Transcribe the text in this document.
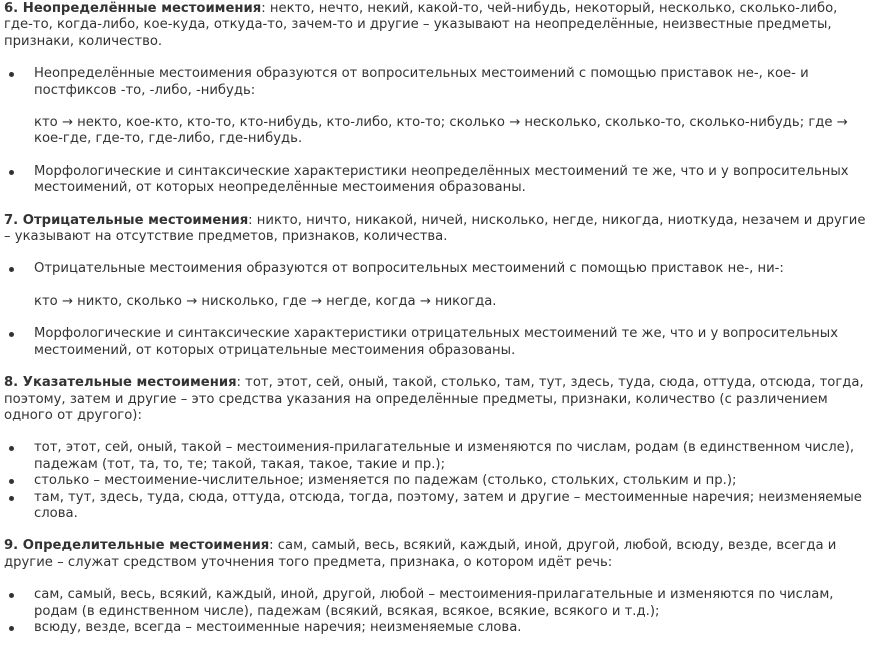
6. Неопределённые местоимения: некто, нечто, некий, какой-то, чей-нибудь, некоторый, несколько, сколько-либо, где-то, когда-либо, кое-куда, откуда-то, зачем-то и другие – указывают на неопределённые, неизвестные предметы, признаки, количество.

Неопределённые местоимения образуются от вопросительных местоимений с помощью приставок не-, кое- и постфиксов -то, -либо, -нибудь:

кто → некто, кое-кто, кто-то, кто-нибудь, кто-либо, кто-то; сколько → несколько, сколько-то, сколько-нибудь; где → кое-где, где-то, где-либо, где-нибудь.

Морфологические и синтаксические характеристики неопределённых местоимений те же, что и у вопросительных местоимений, от которых неопределённые местоимения образованы.

7. Отрицательные местоимения: никто, ничто, никакой, ничей, нисколько, негде, никогда, ниоткуда, незачем и другие – указывают на отсутствие предметов, признаков, количества.

Отрицательные местоимения образуются от вопросительных местоимений с помощью приставок не-, ни-:

кто → никто, сколько → нисколько, где → негде, когда → никогда.

Морфологические и синтаксические характеристики отрицательных местоимений те же, что и у вопросительных местоимений, от которых отрицательные местоимения образованы.

8. Указательные местоимения: тот, этот, сей, оный, такой, столько, там, тут, здесь, туда, сюда, оттуда, отсюда, тогда, поэтому, затем и другие – это средства указания на определённые предметы, признаки, количество (с различением одного от другого):

тот, этот, сей, оный, такой – местоимения-прилагательные и изменяются по числам, родам (в единственном числе), падежам (тот, та, то, те; такой, такая, такое, такие и пр.);

столько – местоимение-числительное; изменяется по падежам (столько, стольких, стольким и пр.);

там, тут, здесь, туда, сюда, оттуда, отсюда, тогда, поэтому, затем и другие – местоименные наречия; неизменяемые слова.

9. Определительные местоимения: сам, самый, весь, всякий, каждый, иной, другой, любой, всюду, везде, всегда и другие – служат средством уточнения того предмета, признака, о котором идёт речь:

сам, самый, весь, всякий, каждый, иной, другой, любой – местоимения-прилагательные и изменяются по числам, родам (в единственном числе), падежам (всякий, всякая, всякое, всякие, всякого и т.д.);

всюду, везде, всегда – местоименные наречия; неизменяемые слова.
